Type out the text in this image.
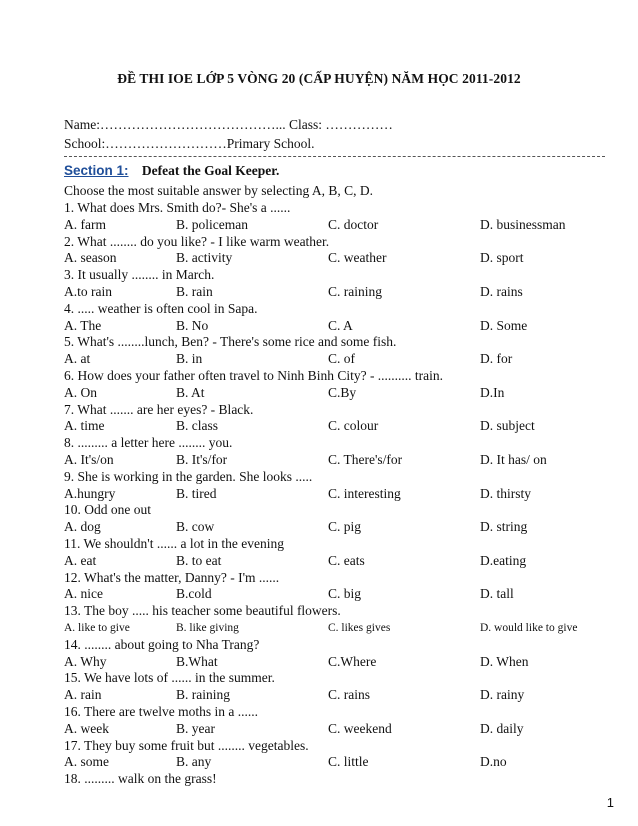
ĐỀ THI IOE LỚP 5 VÒNG 20 (CẤP HUYỆN) NĂM HỌC 2011-2012
Name:…………………………………... Class: ……………
School:………………………Primary School.
Section 1: Defeat the Goal Keeper.
Choose the most suitable answer by selecting A, B, C, D.
1. What does Mrs. Smith do?- She's a ......
A. farm	B. policeman	C. doctor	D. businessman
2. What ........ do you like? - I like warm weather.
A. season	B. activity	C. weather	D. sport
3. It usually ........ in March.
A.to rain	B. rain	C. raining	D. rains
4. ..... weather is often cool in Sapa.
A. The	B. No	C. A	D. Some
5. What's ........lunch, Ben? - There's some rice and some fish.
A. at	B. in	C. of	D. for
6. How does your father often travel to Ninh Binh City? - .......... train.
A. On	B. At	C.By	D.In
7. What ....... are her eyes? - Black.
A. time	B. class	C. colour	D. subject
8. ......... a letter here ........ you.
A. It's/on	B. It's/for	C. There's/for	D. It has/ on
9. She is working in the garden. She looks .....
A.hungry	B. tired	C. interesting	D. thirsty
10. Odd one out
A. dog	B. cow	C. pig	D. string
11. We shouldn't ...... a lot in the evening
A. eat	B. to eat	C. eats	D.eating
12. What's the matter, Danny? - I'm ......
A. nice	B.cold	C. big	D. tall
13. The boy ..... his teacher some beautiful flowers.
A. like to give	B. like giving	C. likes gives	D. would like to give
14. ........ about going to Nha Trang?
A. Why	B.What	C.Where	D. When
15. We have lots of ...... in the summer.
A. rain	B. raining	C. rains	D. rainy
16. There are twelve moths in a ......
A. week	B. year	C. weekend	D. daily
17. They buy some fruit but ........ vegetables.
A. some	B. any	C. little	D.no
18. ......... walk on the grass!
1
